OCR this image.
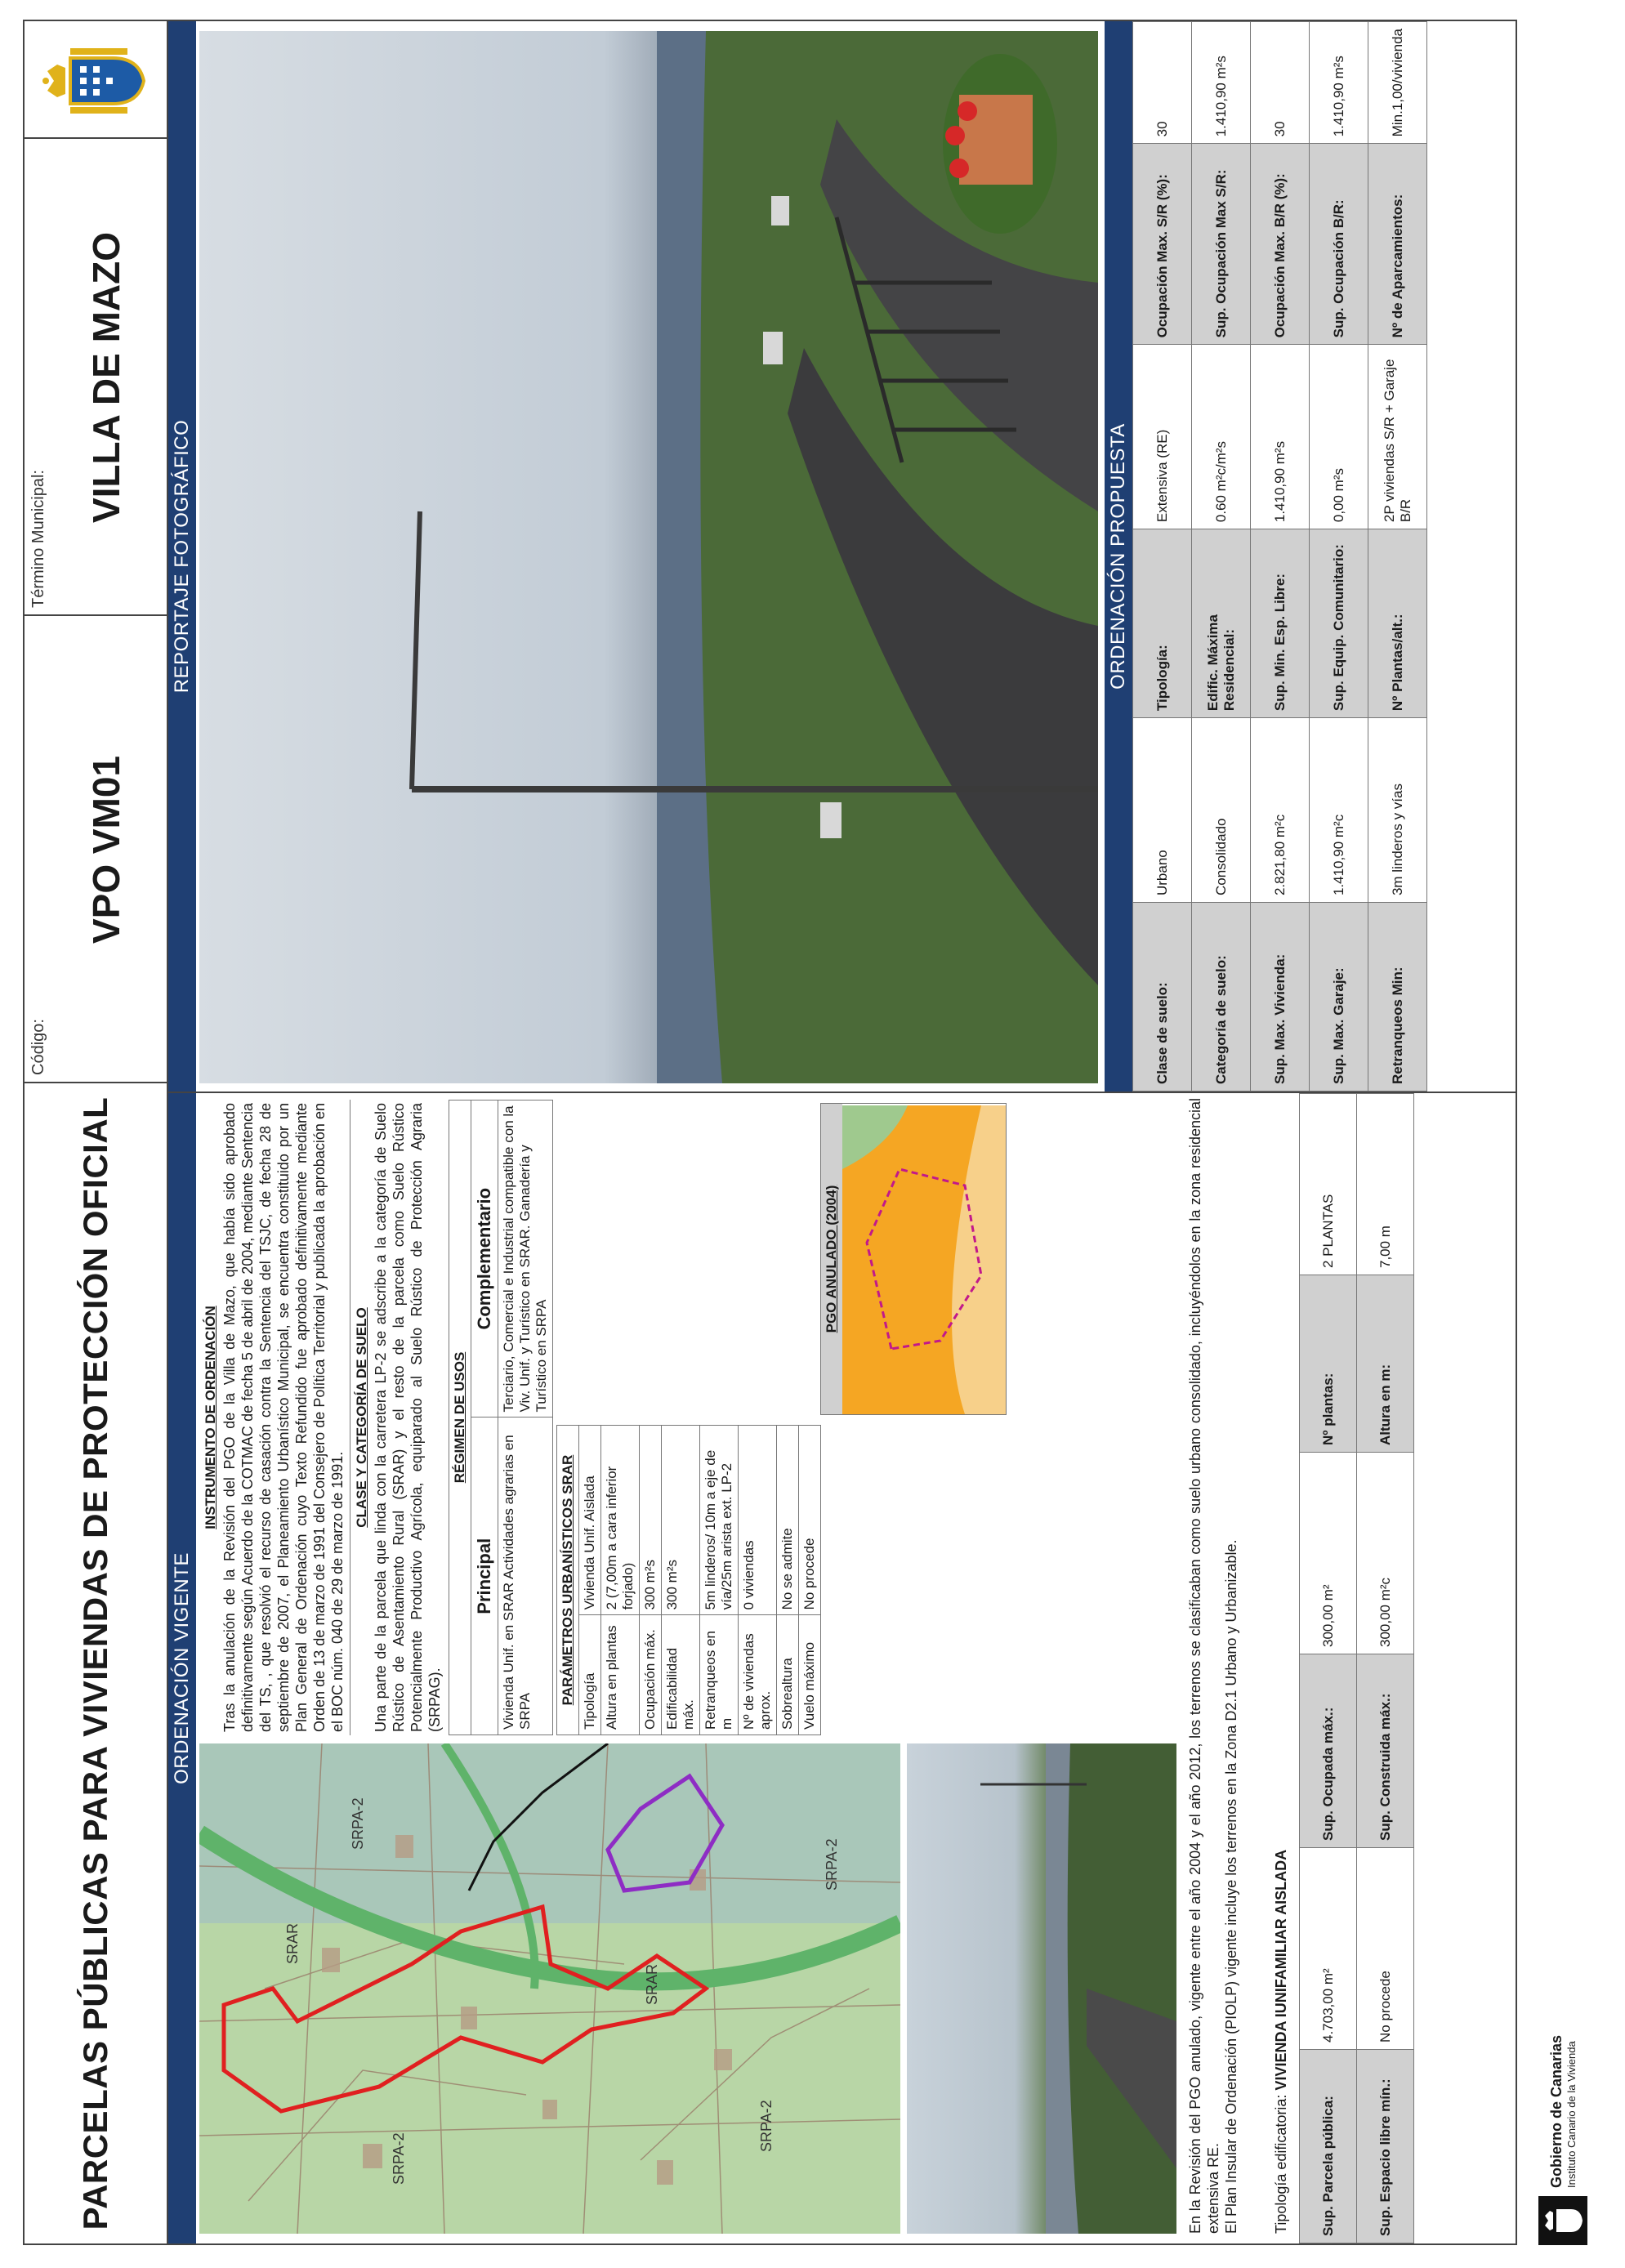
PARCELAS PÚBLICAS PARA VIVIENDAS DE PROTECCIÓN OFICIAL
Código:
VPO VM01
Término Municipal:
VILLA DE MAZO
ORDENACIÓN VIGENTE
SRPA-2
SRPA-2
SRPA-2
SRAR
SRAR
SRPA-2
INSTRUMENTO DE ORDENACIÓN Tras la anulación de la Revisión del PGO de la Villa de Mazo, que había sido aprobado definitivamente según Acuerdo de la COTMAC de fecha 5 de abril de 2004, mediante Sentencia del TS, , que resolvió el recurso de casación contra la Sentencia del TSJC, de fecha 28 de septiembre de 2007, el Planeamiento Urbanístico Municipal, se encuentra constituido por un Plan General de Ordenación cuyo Texto Refundido fue aprobado definitivamente mediante Orden de 13 de marzo de 1991 del Consejero de Política Territorial y publicada la aprobación en el BOC núm. 040 de 29 de marzo de 1991.
CLASE Y CATEGORÍA DE SUELO Una parte de la parcela que linda con la carretera LP-2 se adscribe a la categoría de Suelo Rústico de Asentamiento Rural (SRAR) y el resto de la parcela como Suelo Rústico Potencialmente Productivo Agrícola, equiparado al Suelo Rústico de Protección Agraria (SRPAG).
RÉGIMEN DE USOS	
Principal	Complementario
Vivienda Unif. en SRAR Actividades agrarias en SRPA	Terciario, Comercial e Industrial compatible con la Viv. Unif. y Turístico en SRAR. Ganadería y Turístico en SRPA
PARÁMETROS URBANÍSTICOS SRAR	
Tipología	Vivienda Unif. Aislada
Altura en plantas	2 (7,00m a cara inferior forjado)
Ocupación máx.	300 m²s
Edificabilidad máx.	300 m²s
Retranqueos en m	5m linderos/ 10m a eje de vía/25m arista ext. LP-2
Nº de viviendas aprox.	0 viviendas
Sobrealtura	No se admite
Vuelo máximo	No procede
PGO ANULADO (2004)
En la Revisión del PGO anulado, vigente entre el año 2004 y el año 2012, los terrenos se clasificaban como suelo urbano consolidado, incluyéndolos en la zona residencial extensiva RE.
El Plan Insular de Ordenación (PIOLP) vigente incluye los terrenos en la Zona D2.1 Urbano y Urbanizable.
Tipología edificatoria: VIVIENDA IUNIFAMILIAR AISLADA
Sup. Parcela pública:	4.703,00 m²	Sup. Ocupada máx.:	300,00 m²	Nº plantas:	2 PLANTAS
Sup. Espacio libre mín.:	No procede	Sup. Construida máx.:	300,00 m²c	Altura en m:	7,00 m
REPORTAJE FOTOGRÁFICO	ORDENACIÓN PROPUESTA
Clase de suelo:	Urbano	Tipología:	Extensiva (RE)	Ocupación Max. S/R (%):	30
Categoría de suelo:	Consolidado	Edific. Máxima Residencial:	0.60 m²c/m²s	Sup. Ocupación Max S/R:	1.410,90 m²s
Sup. Max. Vivienda:	2.821,80 m²c	Sup. Min. Esp. Libre:	1.410,90 m²s	Ocupación Max. B/R (%):	30
Sup. Max. Garaje:	1.410,90 m²c	Sup. Equip. Comunitario:	0,00 m²s	Sup. Ocupación B/R:	1.410,90 m²s
Retranqueos Min:	3m linderos y vías	Nº Plantas/alt.:	2P viviendas S/R + Garaje B/R	Nº de Aparcamientos:	Min.1,00/vivienda
Gobierno de Canarias Instituto Canario de la Vivienda
